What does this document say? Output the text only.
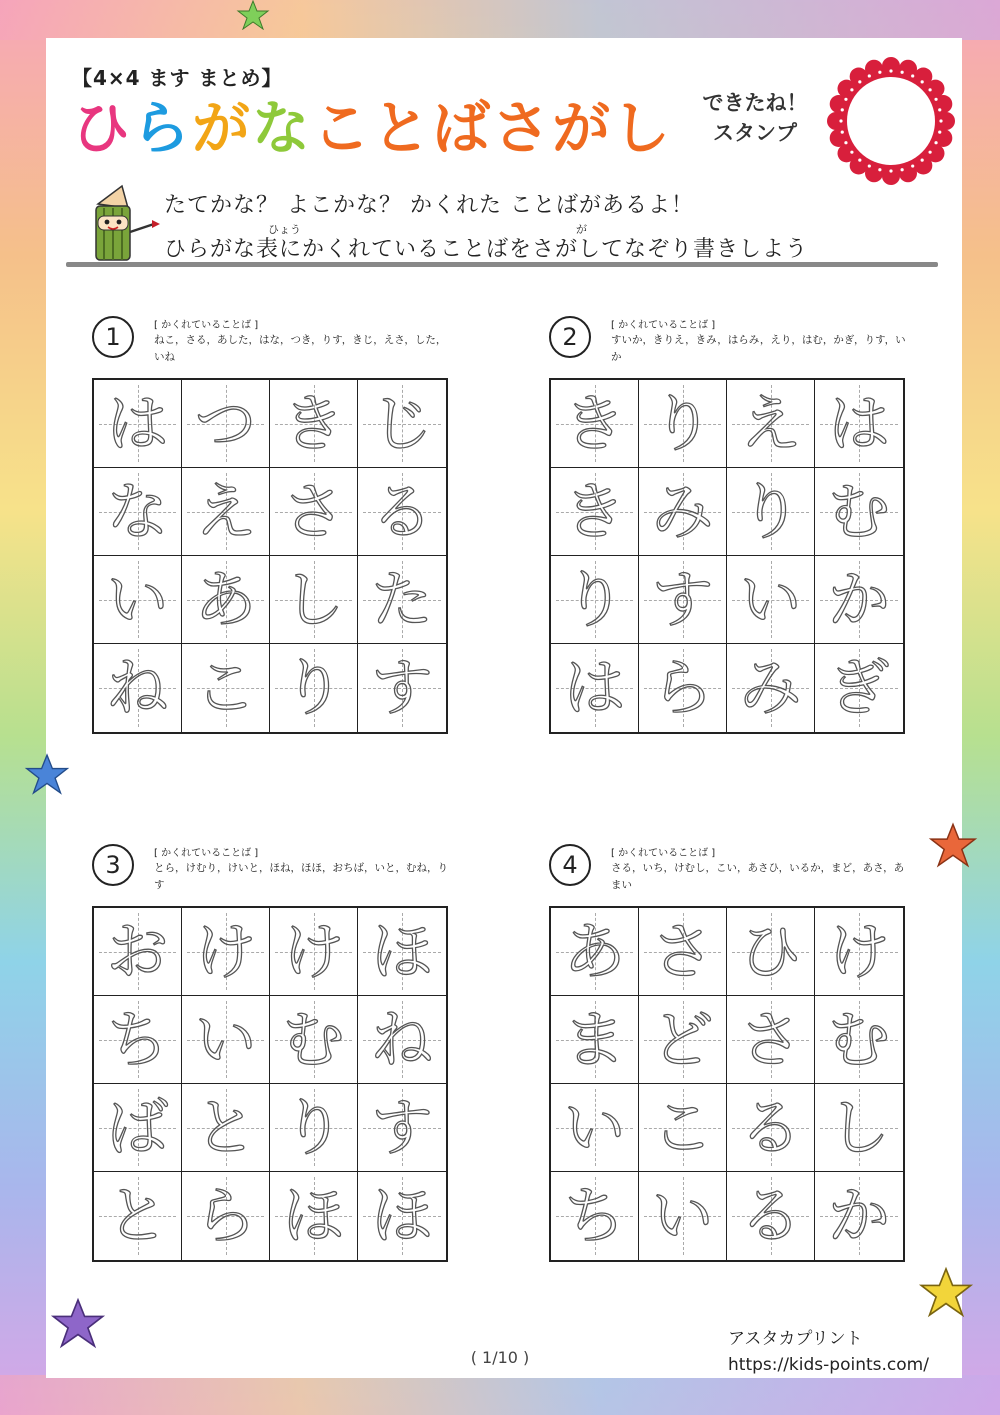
【4×4 ます まとめ】
ひらがなことばさがし	できたね！
スタンプ
たてかな？ よこかな？ かくれた ことばがあるよ！
ひょう	が
ひらがな表にかくれていることばをさがしてなぞり書きしよう
1	[ かくれていることば ]
ねこ，さる，あした，はな，つき，りす，きじ，えさ，した，いね
は つ き じ
な え さ る
い あ し た
ね こ り す
2	[ かくれていることば ]
すいか，きりえ，きみ，はらみ，えり，はむ，かぎ，りす，いか
き り え は
き み り む
り す い か
は ら み ぎ
3	[ かくれていることば ]
とら，けむり，けいと，ほね，ほほ，おちば，いと，むね，りす
お け け ほ
ち い む ね
ば と り す
と ら ほ ほ
4	[ かくれていることば ]
さる，いち，けむし，こい，あさひ，いるか，まど，あさ，あまい
あ さ ひ け
ま ど さ む
い こ る し
ち い る か
( 1/10 )
アスタカプリント
https://kids-points.com/
